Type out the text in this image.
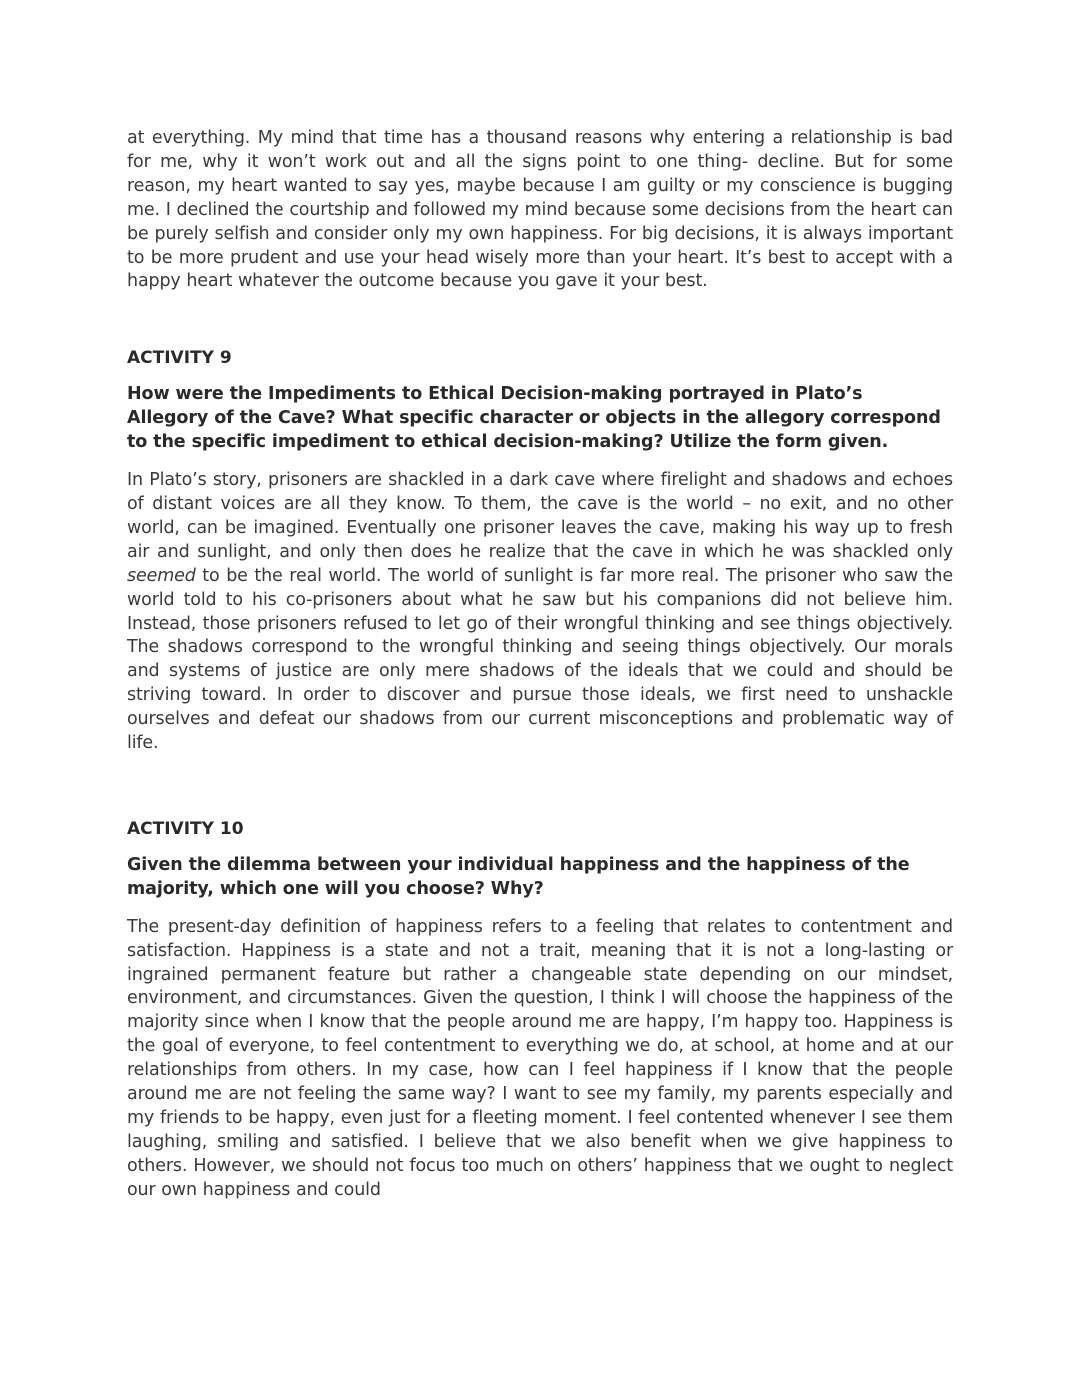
at everything. My mind that time has a thousand reasons why entering a relationship is bad for me, why it won’t work out and all the signs point to one thing- decline. But for some reason, my heart wanted to say yes, maybe because I am guilty or my conscience is bugging me. I declined the courtship and followed my mind because some decisions from the heart can be purely selfish and consider only my own happiness. For big decisions, it is always important to be more prudent and use your head wisely more than your heart. It’s best to accept with a happy heart whatever the outcome because you gave it your best.

ACTIVITY 9

How were the Impediments to Ethical Decision-making portrayed in Plato’s Allegory of the Cave? What specific character or objects in the allegory correspond to the specific impediment to ethical decision-making? Utilize the form given.

In Plato’s story, prisoners are shackled in a dark cave where firelight and shadows and echoes of distant voices are all they know. To them, the cave is the world – no exit, and no other world, can be imagined. Eventually one prisoner leaves the cave, making his way up to fresh air and sunlight, and only then does he realize that the cave in which he was shackled only seemed to be the real world. The world of sunlight is far more real. The prisoner who saw the world told to his co-prisoners about what he saw but his companions did not believe him. Instead, those prisoners refused to let go of their wrongful thinking and see things objectively. The shadows correspond to the wrongful thinking and seeing things objectively. Our morals and systems of justice are only mere shadows of the ideals that we could and should be striving toward. In order to discover and pursue those ideals, we first need to unshackle ourselves and defeat our shadows from our current misconceptions and problematic way of life.

ACTIVITY 10

Given the dilemma between your individual happiness and the happiness of the majority, which one will you choose? Why?

The present-day definition of happiness refers to a feeling that relates to contentment and satisfaction. Happiness is a state and not a trait, meaning that it is not a long-lasting or ingrained permanent feature but rather a changeable state depending on our mindset, environment, and circumstances. Given the question, I think I will choose the happiness of the majority since when I know that the people around me are happy, I’m happy too. Happiness is the goal of everyone, to feel contentment to everything we do, at school, at home and at our relationships from others. In my case, how can I feel happiness if I know that the people around me are not feeling the same way? I want to see my family, my parents especially and my friends to be happy, even just for a fleeting moment. I feel contented whenever I see them laughing, smiling and satisfied. I believe that we also benefit when we give happiness to others. However, we should not focus too much on others’ happiness that we ought to neglect our own happiness and could
